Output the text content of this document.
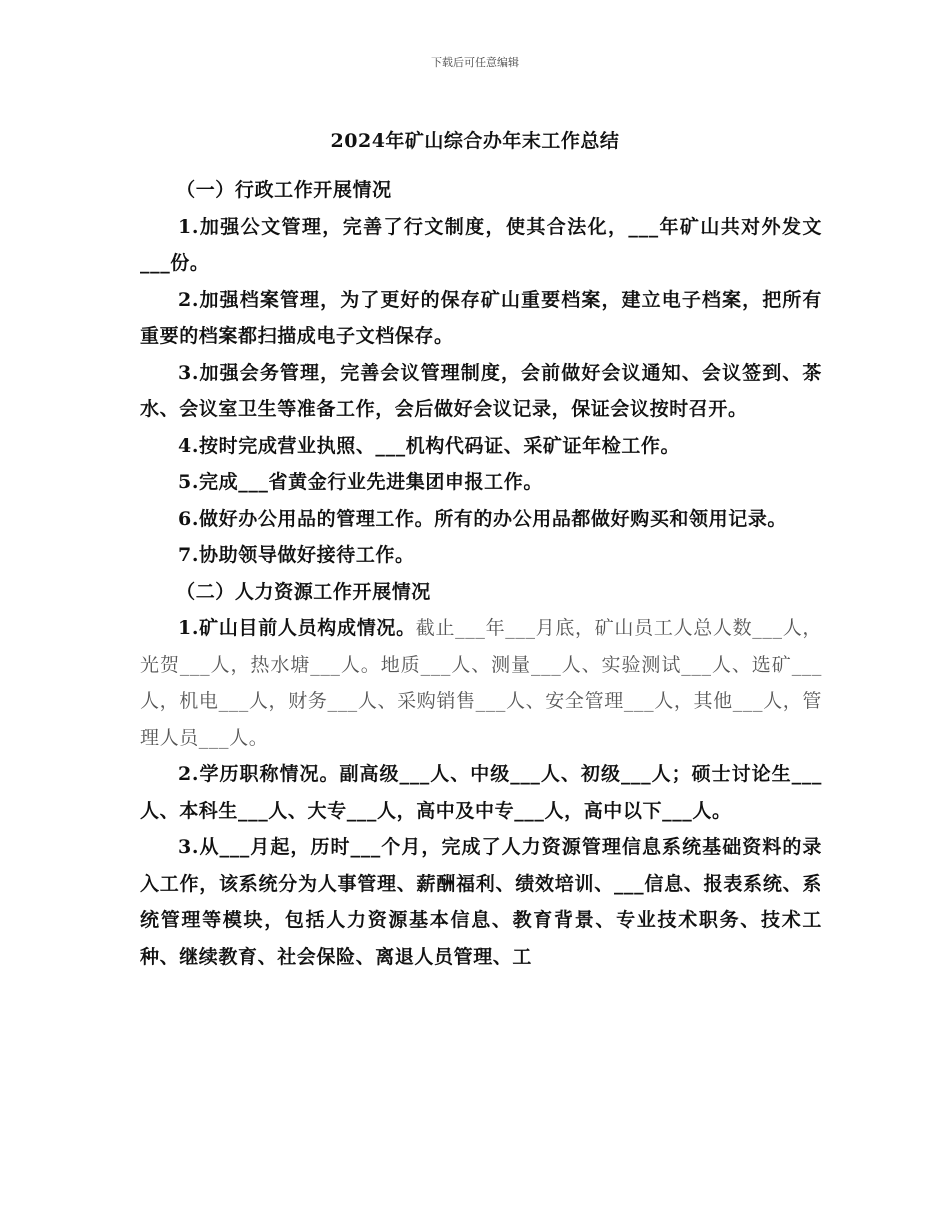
下载后可任意编辑
2024年矿山综合办年末工作总结

（一）行政工作开展情况

1.加强公文管理，完善了行文制度，使其合法化，___年矿山共对外发文___份。

2.加强档案管理，为了更好的保存矿山重要档案，建立电子档案，把所有重要的档案都扫描成电子文档保存。

3.加强会务管理，完善会议管理制度，会前做好会议通知、会议签到、茶水、会议室卫生等准备工作，会后做好会议记录，保证会议按时召开。

4.按时完成营业执照、___机构代码证、采矿证年检工作。

5.完成___省黄金行业先进集团申报工作。

6.做好办公用品的管理工作。所有的办公用品都做好购买和领用记录。

7.协助领导做好接待工作。

（二）人力资源工作开展情况

1.矿山目前人员构成情况。截止___年___月底，矿山员工人总人数___人，光贺___人，热水塘___人。地质___人、测量___人、实验测试___人、选矿___人，机电___人，财务___人、采购销售___人、安全管理___人，其他___人，管理人员___人。

2.学历职称情况。副高级___人、中级___人、初级___人；硕士讨论生___人、本科生___人、大专___人，高中及中专___人，高中以下___人。

3.从___月起，历时___个月，完成了人力资源管理信息系统基础资料的录入工作，该系统分为人事管理、薪酬福利、绩效培训、___信息、报表系统、系统管理等模块，包括人力资源基本信息、教育背景、专业技术职务、技术工种、继续教育、社会保险、离退人员管理、工
